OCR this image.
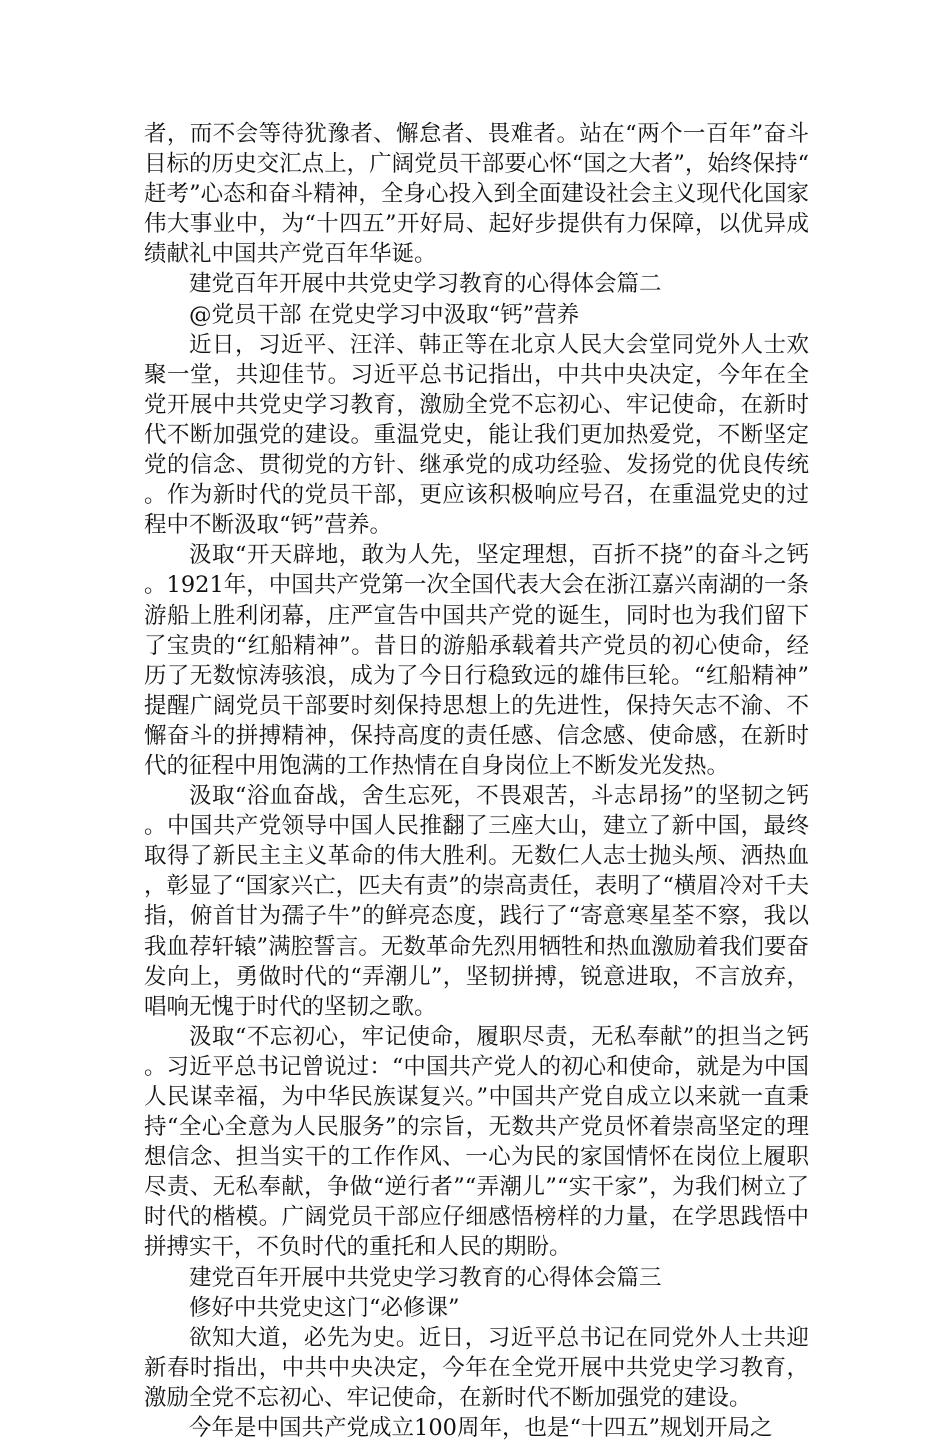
者，而不会等待犹豫者、懈怠者、畏难者。站在“两个一百年”奋斗目标的历史交汇点上，广阔党员干部要心怀“国之大者”，始终保持“赶考”心态和奋斗精神，全身心投入到全面建设社会主义现代化国家伟大事业中，为“十四五”开好局、起好步提供有力保障，以优异成绩献礼中国共产党百年华诞。

建党百年开展中共党史学习教育的心得体会篇二

@党员干部 在党史学习中汲取“钙”营养

近日，习近平、汪洋、韩正等在北京人民大会堂同党外人士欢聚一堂，共迎佳节。习近平总书记指出，中共中央决定，今年在全党开展中共党史学习教育，激励全党不忘初心、牢记使命，在新时代不断加强党的建设。重温党史，能让我们更加热爱党，不断坚定党的信念、贯彻党的方针、继承党的成功经验、发扬党的优良传统。作为新时代的党员干部，更应该积极响应号召，在重温党史的过程中不断汲取“钙”营养。

汲取“开天辟地，敢为人先，坚定理想，百折不挠”的奋斗之钙。1921年，中国共产党第一次全国代表大会在浙江嘉兴南湖的一条游船上胜利闭幕，庄严宣告中国共产党的诞生，同时也为我们留下了宝贵的“红船精神”。昔日的游船承载着共产党员的初心使命，经历了无数惊涛骇浪，成为了今日行稳致远的雄伟巨轮。“红船精神”提醒广阔党员干部要时刻保持思想上的先进性，保持矢志不渝、不懈奋斗的拼搏精神，保持高度的责任感、信念感、使命感，在新时代的征程中用饱满的工作热情在自身岗位上不断发光发热。

汲取“浴血奋战，舍生忘死，不畏艰苦，斗志昂扬”的坚韧之钙。中国共产党领导中国人民推翻了三座大山，建立了新中国，最终取得了新民主主义革命的伟大胜利。无数仁人志士抛头颅、洒热血，彰显了“国家兴亡，匹夫有责”的崇高责任，表明了“横眉冷对千夫指，俯首甘为孺子牛”的鲜亮态度，践行了“寄意寒星荃不察，我以我血荐轩辕”满腔誓言。无数革命先烈用牺牲和热血激励着我们要奋发向上，勇做时代的“弄潮儿”，坚韧拼搏，锐意进取，不言放弃，唱响无愧于时代的坚韧之歌。

汲取“不忘初心，牢记使命，履职尽责，无私奉献”的担当之钙。习近平总书记曾说过：“中国共产党人的初心和使命，就是为中国人民谋幸福，为中华民族谋复兴。”中国共产党自成立以来就一直秉持“全心全意为人民服务”的宗旨，无数共产党员怀着崇高坚定的理想信念、担当实干的工作作风、一心为民的家国情怀在岗位上履职尽责、无私奉献，争做“逆行者”“弄潮儿”“实干家”，为我们树立了时代的楷模。广阔党员干部应仔细感悟榜样的力量，在学思践悟中拼搏实干，不负时代的重托和人民的期盼。

建党百年开展中共党史学习教育的心得体会篇三

修好中共党史这门“必修课”

欲知大道，必先为史。近日，习近平总书记在同党外人士共迎新春时指出，中共中央决定，今年在全党开展中共党史学习教育，激励全党不忘初心、牢记使命，在新时代不断加强党的建设。

今年是中国共产党成立100周年，也是“十四五”规划开局之
